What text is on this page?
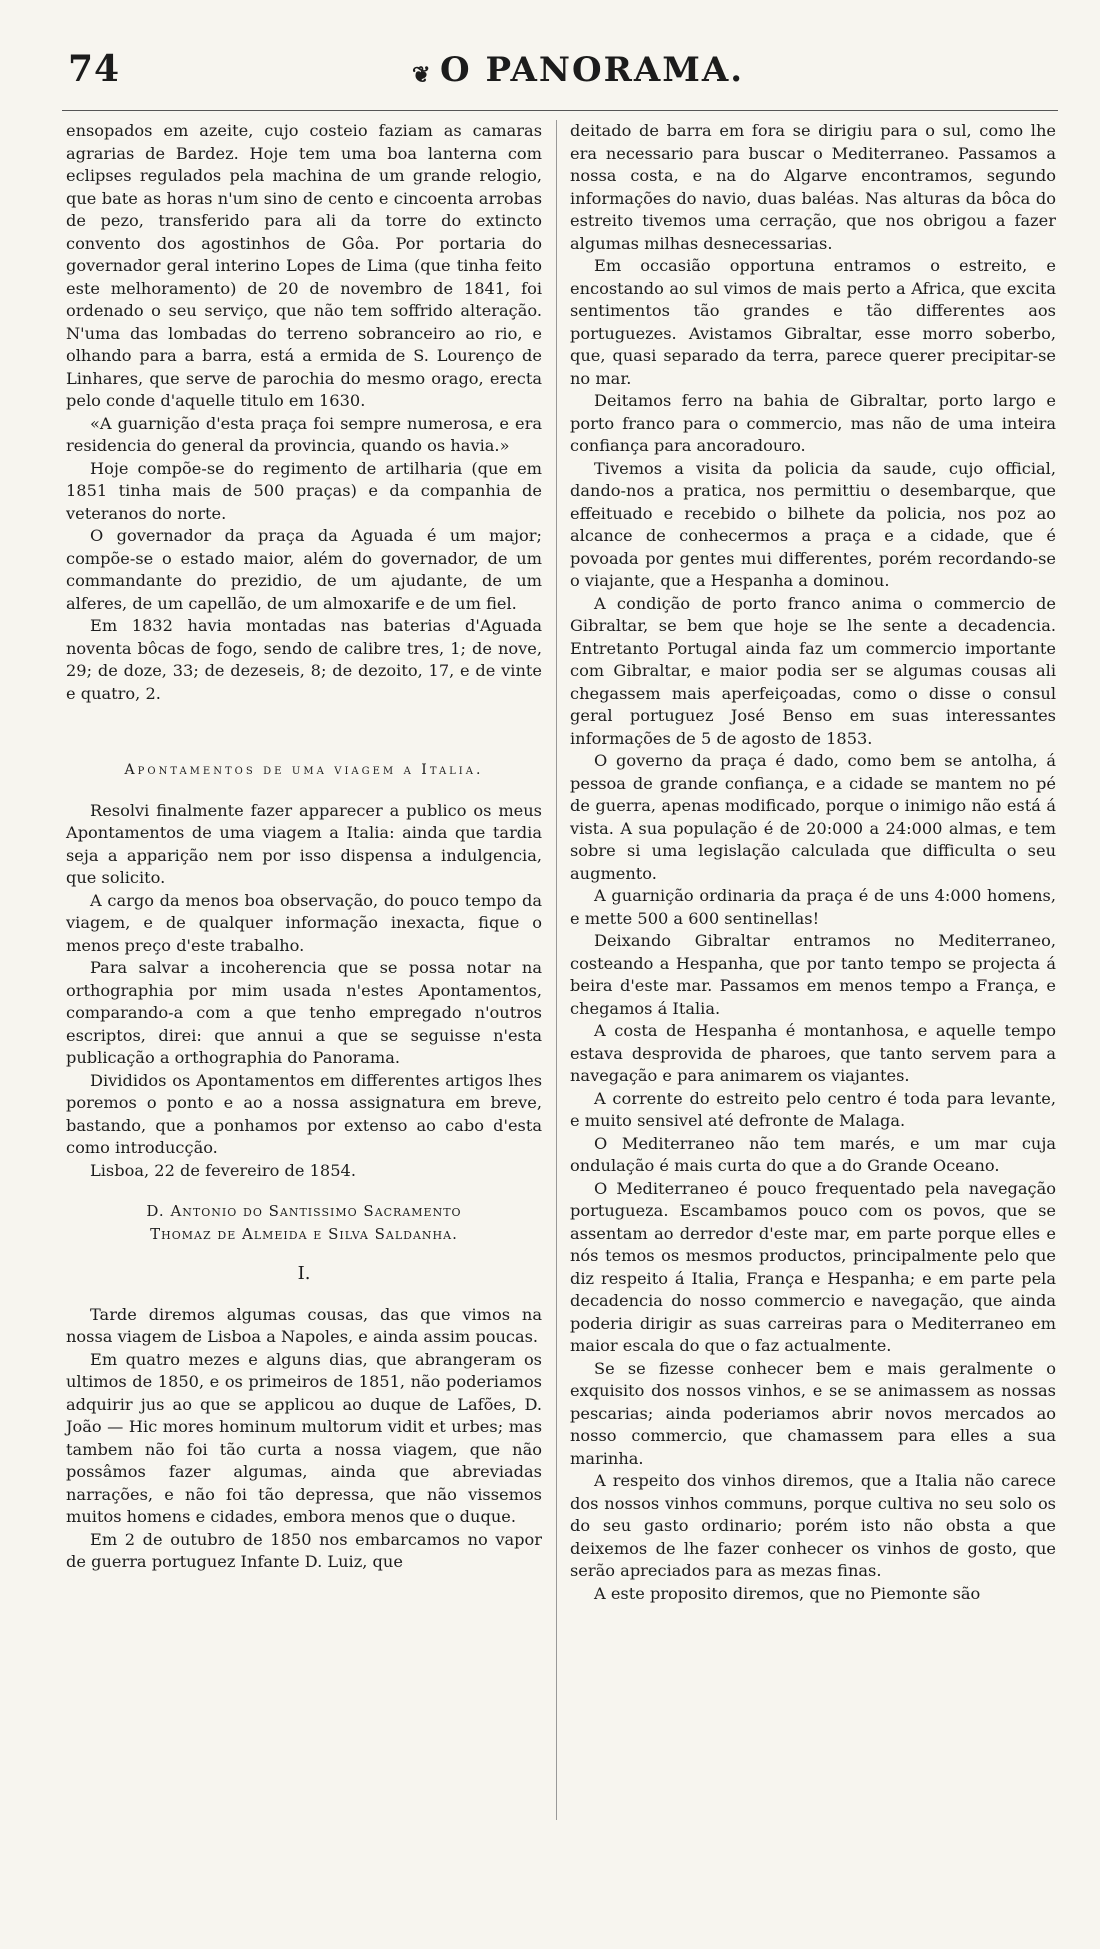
74	❦ O PANORAMA.

ensopados em azeite, cujo costeio faziam as camaras agrarias de Bardez. Hoje tem uma boa lanterna com eclipses regulados pela machina de um grande relogio, que bate as horas n'um sino de cento e cincoenta arrobas de pezo, transferido para ali da torre do extincto convento dos agostinhos de Gôa. Por portaria do governador geral interino Lopes de Lima (que tinha feito este melhoramento) de 20 de novembro de 1841, foi ordenado o seu serviço, que não tem soffrido alteração. N'uma das lombadas do terreno sobranceiro ao rio, e olhando para a barra, está a ermida de S. Lourenço de Linhares, que serve de parochia do mesmo orago, erecta pelo conde d'aquelle titulo em 1630.

«A guarnição d'esta praça foi sempre numerosa, e era residencia do general da provincia, quando os havia.»

Hoje compõe-se do regimento de artilharia (que em 1851 tinha mais de 500 praças) e da companhia de veteranos do norte.

O governador da praça da Aguada é um major; compõe-se o estado maior, além do governador, de um commandante do prezidio, de um ajudante, de um alferes, de um capellão, de um almoxarife e de um fiel.

Em 1832 havia montadas nas baterias d'Aguada noventa bôcas de fogo, sendo de calibre tres, 1; de nove, 29; de doze, 33; de dezeseis, 8; de dezoito, 17, e de vinte e quatro, 2.

Apontamentos de uma viagem a Italia.

Resolvi finalmente fazer apparecer a publico os meus Apontamentos de uma viagem a Italia: ainda que tardia seja a apparição nem por isso dispensa a indulgencia, que solicito.

A cargo da menos boa observação, do pouco tempo da viagem, e de qualquer informação inexacta, fique o menos preço d'este trabalho.

Para salvar a incoherencia que se possa notar na orthographia por mim usada n'estes Apontamentos, comparando-a com a que tenho empregado n'outros escriptos, direi: que annui a que se seguisse n'esta publicação a orthographia do Panorama.

Divididos os Apontamentos em differentes artigos lhes poremos o ponto e ao a nossa assignatura em breve, bastando, que a ponhamos por extenso ao cabo d'esta como introducção.

Lisboa, 22 de fevereiro de 1854.

D. Antonio do Santissimo Sacramento

Thomaz de Almeida e Silva Saldanha.

I.

Tarde diremos algumas cousas, das que vimos na nossa viagem de Lisboa a Napoles, e ainda assim poucas.

Em quatro mezes e alguns dias, que abrangeram os ultimos de 1850, e os primeiros de 1851, não poderiamos adquirir jus ao que se applicou ao duque de Lafões, D. João — Hic mores hominum multorum vidit et urbes; mas tambem não foi tão curta a nossa viagem, que não possâmos fazer algumas, ainda que abreviadas narrações, e não foi tão depressa, que não vissemos muitos homens e cidades, embora menos que o duque.

Em 2 de outubro de 1850 nos embarcamos no vapor de guerra portuguez Infante D. Luiz, que

deitado de barra em fora se dirigiu para o sul, como lhe era necessario para buscar o Mediterraneo. Passamos a nossa costa, e na do Algarve encontramos, segundo informações do navio, duas baléas. Nas alturas da bôca do estreito tivemos uma cerração, que nos obrigou a fazer algumas milhas desnecessarias.

Em occasião opportuna entramos o estreito, e encostando ao sul vimos de mais perto a Africa, que excita sentimentos tão grandes e tão differentes aos portuguezes. Avistamos Gibraltar, esse morro soberbo, que, quasi separado da terra, parece querer precipitar-se no mar.

Deitamos ferro na bahia de Gibraltar, porto largo e porto franco para o commercio, mas não de uma inteira confiança para ancoradouro.

Tivemos a visita da policia da saude, cujo official, dando-nos a pratica, nos permittiu o desembarque, que effeituado e recebido o bilhete da policia, nos poz ao alcance de conhecermos a praça e a cidade, que é povoada por gentes mui differentes, porém recordando-se o viajante, que a Hespanha a dominou.

A condição de porto franco anima o commercio de Gibraltar, se bem que hoje se lhe sente a decadencia. Entretanto Portugal ainda faz um commercio importante com Gibraltar, e maior podia ser se algumas cousas ali chegassem mais aperfeiçoadas, como o disse o consul geral portuguez José Benso em suas interessantes informações de 5 de agosto de 1853.

O governo da praça é dado, como bem se antolha, á pessoa de grande confiança, e a cidade se mantem no pé de guerra, apenas modificado, porque o inimigo não está á vista. A sua população é de 20:000 a 24:000 almas, e tem sobre si uma legislação calculada que difficulta o seu augmento.

A guarnição ordinaria da praça é de uns 4:000 homens, e mette 500 a 600 sentinellas!

Deixando Gibraltar entramos no Mediterraneo, costeando a Hespanha, que por tanto tempo se projecta á beira d'este mar. Passamos em menos tempo a França, e chegamos á Italia.

A costa de Hespanha é montanhosa, e aquelle tempo estava desprovida de pharoes, que tanto servem para a navegação e para animarem os viajantes.

A corrente do estreito pelo centro é toda para levante, e muito sensivel até defronte de Malaga.

O Mediterraneo não tem marés, e um mar cuja ondulação é mais curta do que a do Grande Oceano.

O Mediterraneo é pouco frequentado pela navegação portugueza. Escambamos pouco com os povos, que se assentam ao derredor d'este mar, em parte porque elles e nós temos os mesmos productos, principalmente pelo que diz respeito á Italia, França e Hespanha; e em parte pela decadencia do nosso commercio e navegação, que ainda poderia dirigir as suas carreiras para o Mediterraneo em maior escala do que o faz actualmente.

Se se fizesse conhecer bem e mais geralmente o exquisito dos nossos vinhos, e se se animassem as nossas pescarias; ainda poderiamos abrir novos mercados ao nosso commercio, que chamassem para elles a sua marinha.

A respeito dos vinhos diremos, que a Italia não carece dos nossos vinhos communs, porque cultiva no seu solo os do seu gasto ordinario; porém isto não obsta a que deixemos de lhe fazer conhecer os vinhos de gosto, que serão apreciados para as mezas finas.

A este proposito diremos, que no Piemonte são
